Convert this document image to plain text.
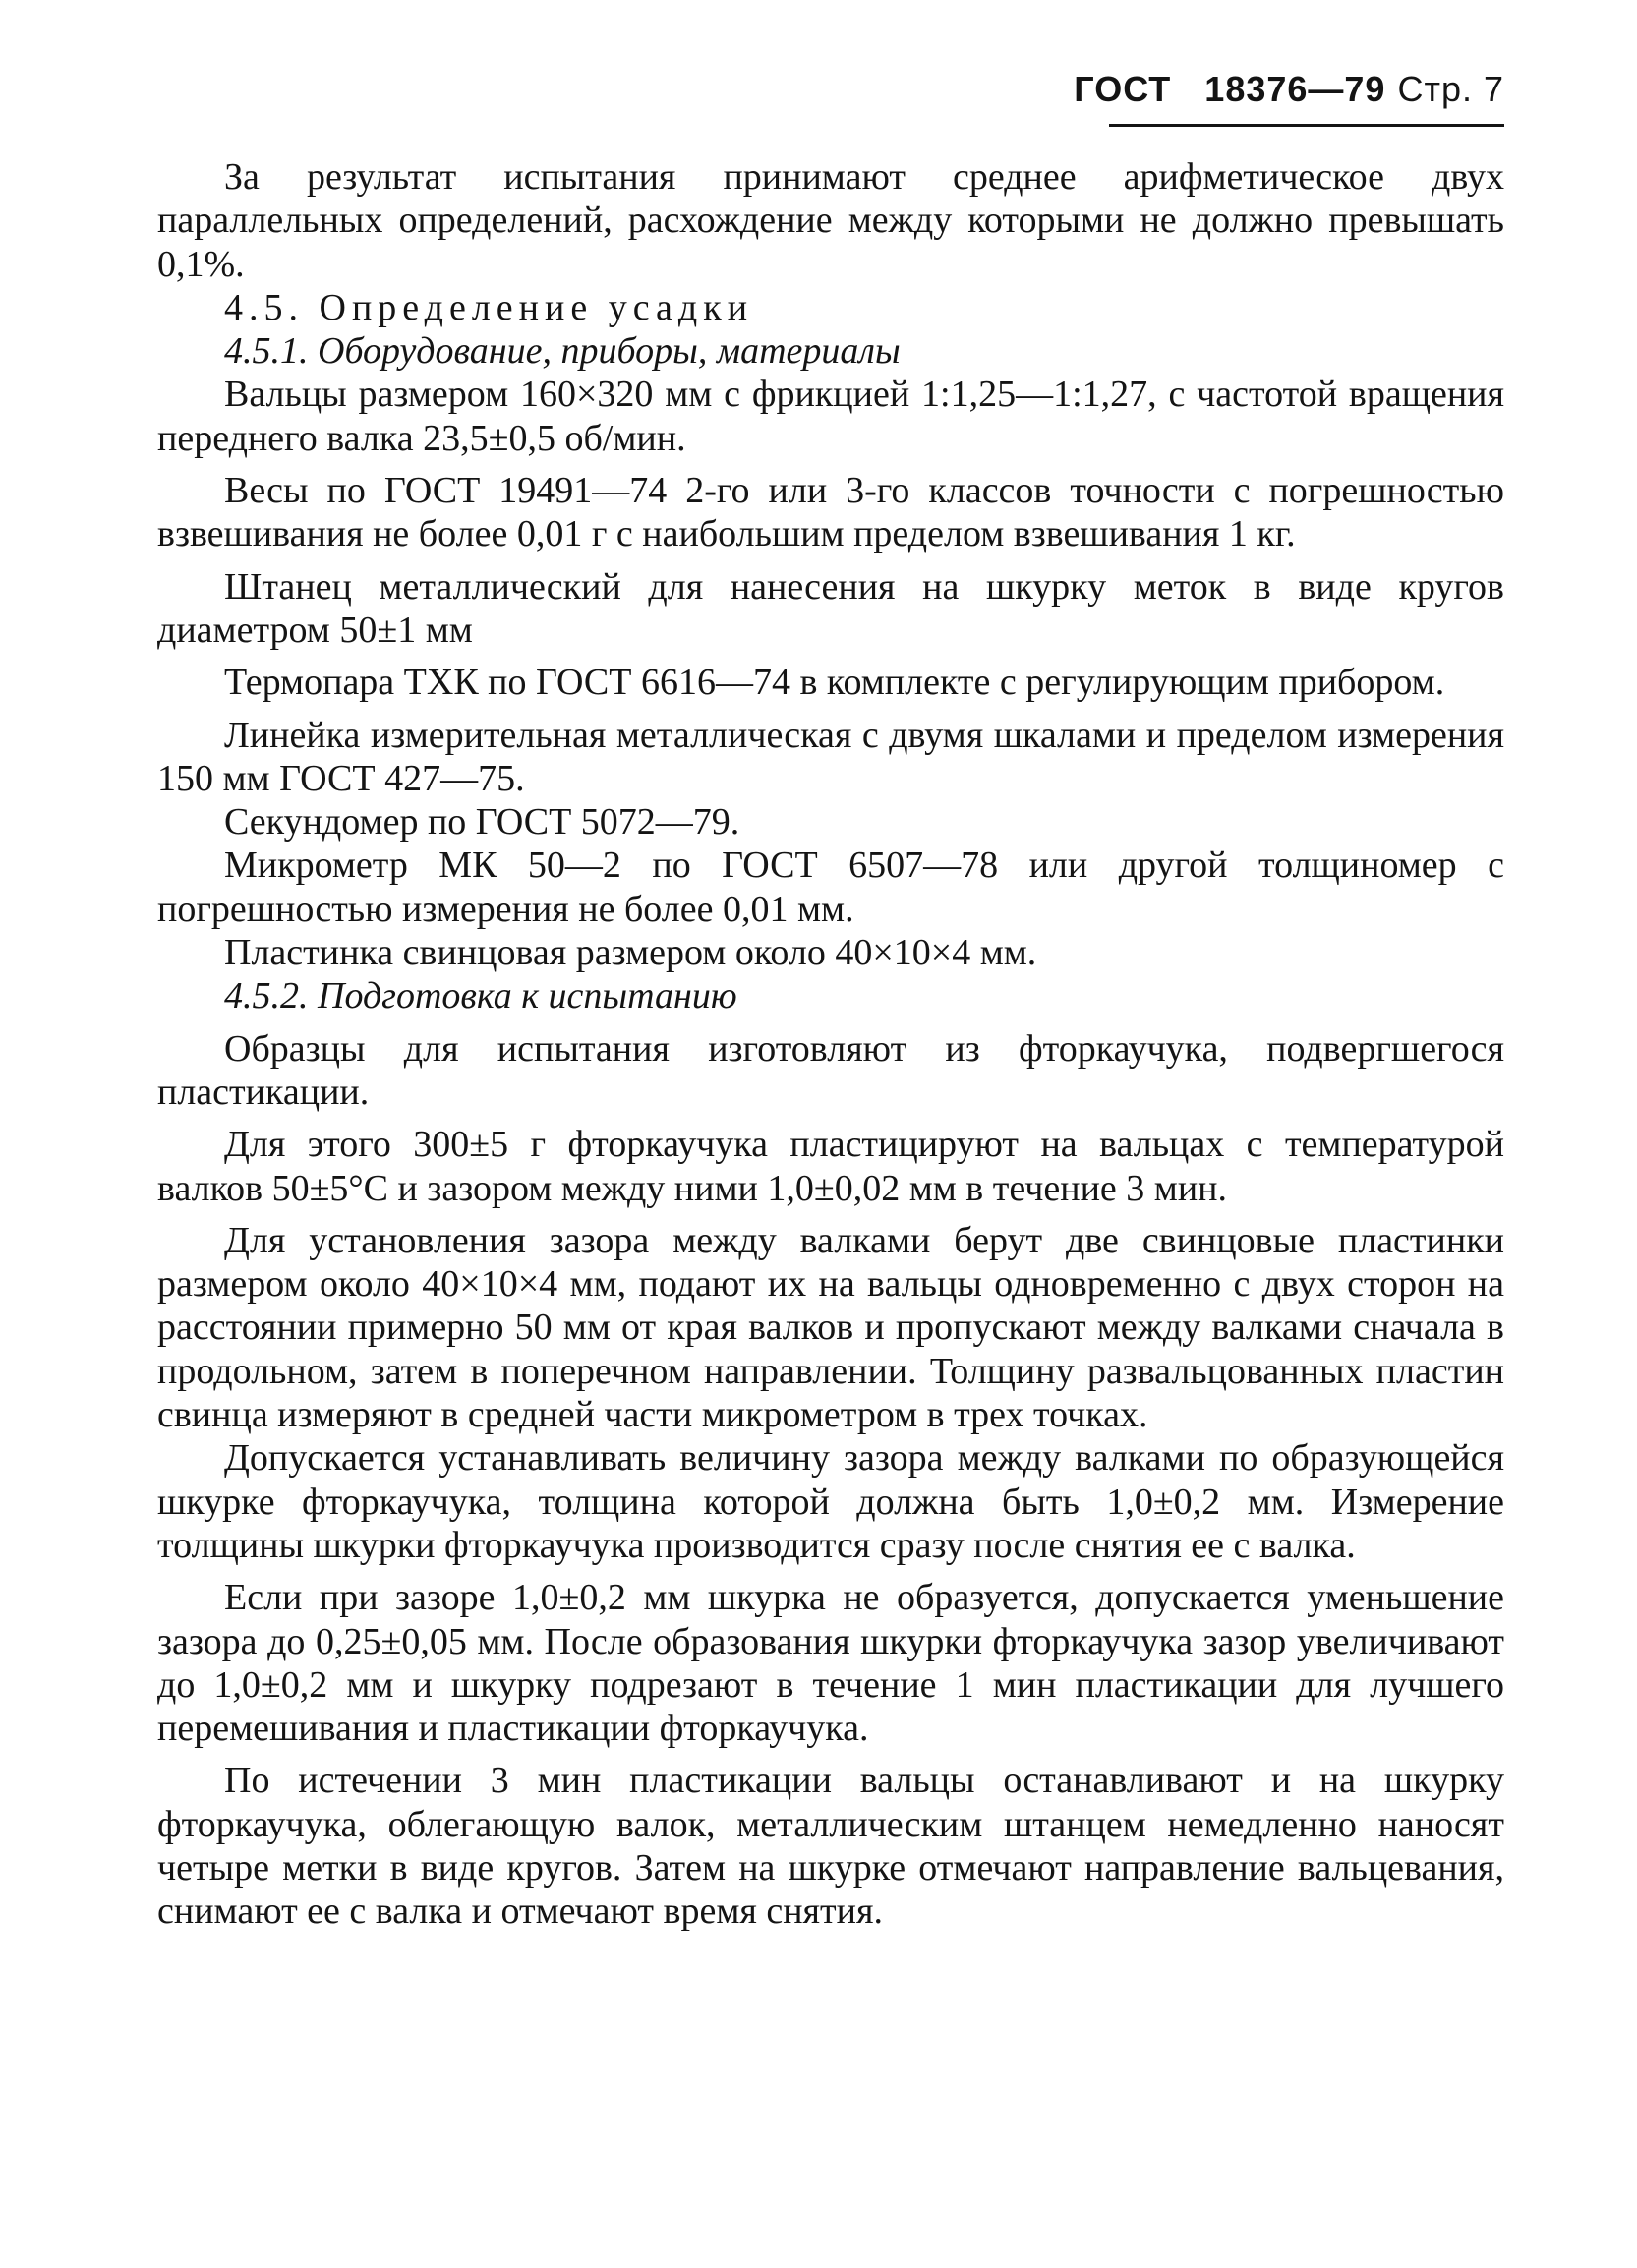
ГОСТ 18376—79 Стр. 7

За результат испытания принимают среднее арифметическое двух параллельных определений, расхождение между которыми не должно превышать 0,1%.

4.5. Определение усадки

4.5.1. Оборудование, приборы, материалы

Вальцы размером 160×320 мм с фрикцией 1:1,25—1:1,27, с частотой вращения переднего валка 23,5±0,5 об/мин.

Весы по ГОСТ 19491—74 2-го или 3-го классов точности с погрешностью взвешивания не более 0,01 г с наибольшим пределом взвешивания 1 кг.

Штанец металлический для нанесения на шкурку меток в виде кругов диаметром 50±1 мм

Термопара ТХК по ГОСТ 6616—74 в комплекте с регулирующим прибором.

Линейка измерительная металлическая с двумя шкалами и пределом измерения 150 мм ГОСТ 427—75.

Секундомер по ГОСТ 5072—79.

Микрометр МК 50—2 по ГОСТ 6507—78 или другой толщиномер с погрешностью измерения не более 0,01 мм.

Пластинка свинцовая размером около 40×10×4 мм.

4.5.2. Подготовка к испытанию

Образцы для испытания изготовляют из фторкаучука, подвергшегося пластикации.

Для этого 300±5 г фторкаучука пластицируют на вальцах с температурой валков 50±5°С и зазором между ними 1,0±0,02 мм в течение 3 мин.

Для установления зазора между валками берут две свинцовые пластинки размером около 40×10×4 мм, подают их на вальцы одновременно с двух сторон на расстоянии примерно 50 мм от края валков и пропускают между валками сначала в продольном, затем в поперечном направлении. Толщину развальцованных пластин свинца измеряют в средней части микрометром в трех точках.

Допускается устанавливать величину зазора между валками по образующейся шкурке фторкаучука, толщина которой должна быть 1,0±0,2 мм. Измерение толщины шкурки фторкаучука производится сразу после снятия ее с валка.

Если при зазоре 1,0±0,2 мм шкурка не образуется, допускается уменьшение зазора до 0,25±0,05 мм. После образования шкурки фторкаучука зазор увеличивают до 1,0±0,2 мм и шкурку подрезают в течение 1 мин пластикации для лучшего перемешивания и пластикации фторкаучука.

По истечении 3 мин пластикации вальцы останавливают и на шкурку фторкаучука, облегающую валок, металлическим штанцем немедленно наносят четыре метки в виде кругов. Затем на шкурке отмечают направление вальцевания, снимают ее с валка и отмечают время снятия.
